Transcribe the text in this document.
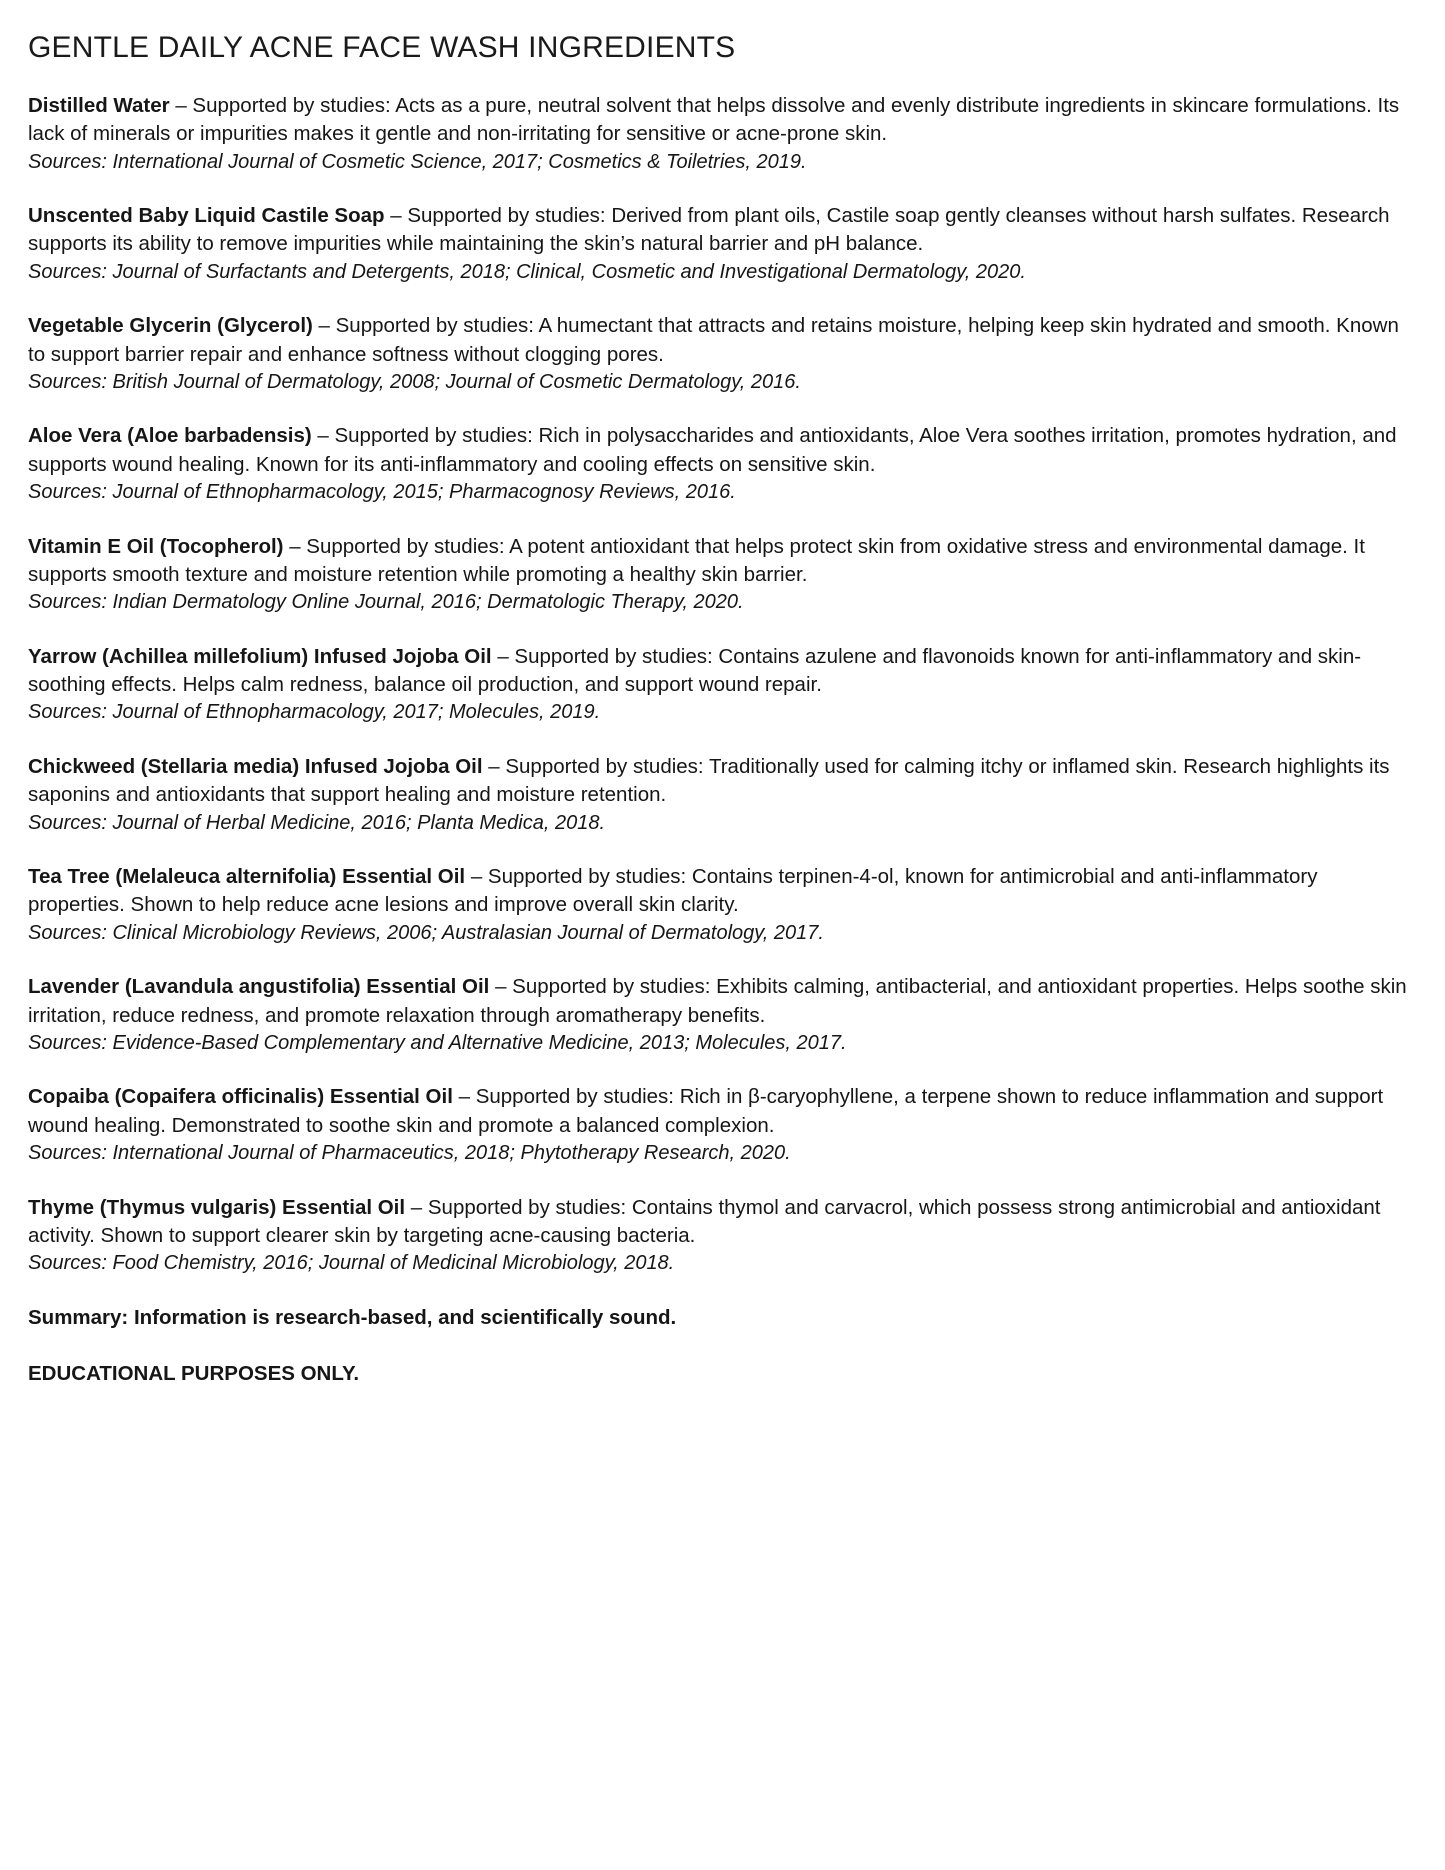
GENTLE DAILY ACNE FACE WASH INGREDIENTS

Distilled Water – Supported by studies: Acts as a pure, neutral solvent that helps dissolve and evenly distribute ingredients in skincare formulations. Its lack of minerals or impurities makes it gentle and non-irritating for sensitive or acne-prone skin.

Sources: International Journal of Cosmetic Science, 2017; Cosmetics & Toiletries, 2019.

Unscented Baby Liquid Castile Soap – Supported by studies: Derived from plant oils, Castile soap gently cleanses without harsh sulfates. Research supports its ability to remove impurities while maintaining the skin’s natural barrier and pH balance.

Sources: Journal of Surfactants and Detergents, 2018; Clinical, Cosmetic and Investigational Dermatology, 2020.

Vegetable Glycerin (Glycerol) – Supported by studies: A humectant that attracts and retains moisture, helping keep skin hydrated and smooth. Known to support barrier repair and enhance softness without clogging pores.

Sources: British Journal of Dermatology, 2008; Journal of Cosmetic Dermatology, 2016.

Aloe Vera (Aloe barbadensis) – Supported by studies: Rich in polysaccharides and antioxidants, Aloe Vera soothes irritation, promotes hydration, and supports wound healing. Known for its anti-inflammatory and cooling effects on sensitive skin.

Sources: Journal of Ethnopharmacology, 2015; Pharmacognosy Reviews, 2016.

Vitamin E Oil (Tocopherol) – Supported by studies: A potent antioxidant that helps protect skin from oxidative stress and environmental damage. It supports smooth texture and moisture retention while promoting a healthy skin barrier.

Sources: Indian Dermatology Online Journal, 2016; Dermatologic Therapy, 2020.

Yarrow (Achillea millefolium) Infused Jojoba Oil – Supported by studies: Contains azulene and flavonoids known for anti-inflammatory and skin-soothing effects. Helps calm redness, balance oil production, and support wound repair.

Sources: Journal of Ethnopharmacology, 2017; Molecules, 2019.

Chickweed (Stellaria media) Infused Jojoba Oil – Supported by studies: Traditionally used for calming itchy or inflamed skin. Research highlights its saponins and antioxidants that support healing and moisture retention.

Sources: Journal of Herbal Medicine, 2016; Planta Medica, 2018.

Tea Tree (Melaleuca alternifolia) Essential Oil – Supported by studies: Contains terpinen-4-ol, known for antimicrobial and anti-inflammatory properties. Shown to help reduce acne lesions and improve overall skin clarity.

Sources: Clinical Microbiology Reviews, 2006; Australasian Journal of Dermatology, 2017.

Lavender (Lavandula angustifolia) Essential Oil – Supported by studies: Exhibits calming, antibacterial, and antioxidant properties. Helps soothe skin irritation, reduce redness, and promote relaxation through aromatherapy benefits.

Sources: Evidence-Based Complementary and Alternative Medicine, 2013; Molecules, 2017.

Copaiba (Copaifera officinalis) Essential Oil – Supported by studies: Rich in β-caryophyllene, a terpene shown to reduce inflammation and support wound healing. Demonstrated to soothe skin and promote a balanced complexion.

Sources: International Journal of Pharmaceutics, 2018; Phytotherapy Research, 2020.

Thyme (Thymus vulgaris) Essential Oil – Supported by studies: Contains thymol and carvacrol, which possess strong antimicrobial and antioxidant activity. Shown to support clearer skin by targeting acne-causing bacteria.

Sources: Food Chemistry, 2016; Journal of Medicinal Microbiology, 2018.

Summary: Information is research-based, and scientifically sound.

EDUCATIONAL PURPOSES ONLY.
